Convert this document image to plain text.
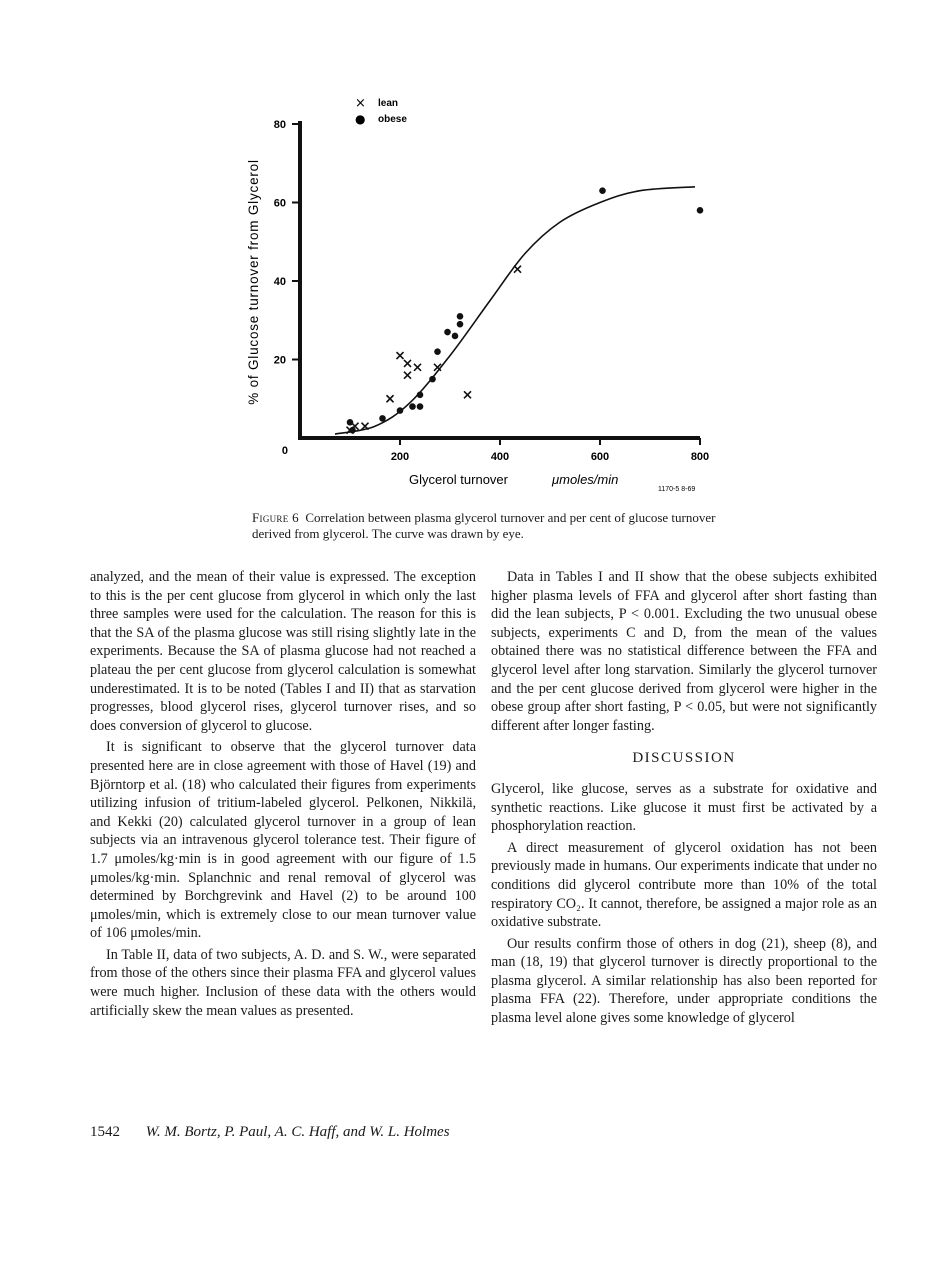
0
20
40
60
80
200	400	600	800
× lean
● obese
% of Glucose turnover from Glycerol
Glycerol turnover	μmoles/min
1170-5 8-69

Figure 6 Correlation between plasma glycerol turnover and per cent of glucose turnover derived from glycerol. The curve was drawn by eye.

analyzed, and the mean of their value is expressed. The exception to this is the per cent glucose from glycerol in which only the last three samples were used for the calculation. The reason for this is that the SA of the plasma glucose was still rising slightly late in the experiments. Because the SA of plasma glucose had not reached a plateau the per cent glucose from glycerol calculation is somewhat underestimated. It is to be noted (Tables I and II) that as starvation progresses, blood glycerol rises, glycerol turnover rises, and so does conversion of glycerol to glucose.

It is significant to observe that the glycerol turnover data presented here are in close agreement with those of Havel (19) and Björntorp et al. (18) who calculated their figures from experiments utilizing infusion of tritium-labeled glycerol. Pelkonen, Nikkilä, and Kekki (20) calculated glycerol turnover in a group of lean subjects via an intravenous glycerol tolerance test. Their figure of 1.7 μmoles/kg·min is in good agreement with our figure of 1.5 μmoles/kg·min. Splanchnic and renal removal of glycerol was determined by Borchgrevink and Havel (2) to be around 100 μmoles/min, which is extremely close to our mean turnover value of 106 μmoles/min.

In Table II, data of two subjects, A. D. and S. W., were separated from those of the others since their plasma FFA and glycerol values were much higher. Inclusion of these data with the others would artificially skew the mean values as presented.

Data in Tables I and II show that the obese subjects exhibited higher plasma levels of FFA and glycerol after short fasting than did the lean subjects, P < 0.001. Excluding the two unusual obese subjects, experiments C and D, from the mean of the values obtained there was no statistical difference between the FFA and glycerol level after long starvation. Similarly the glycerol turnover and the per cent glucose derived from glycerol were higher in the obese group after short fasting, P < 0.05, but were not significantly different after longer fasting.

DISCUSSION

Glycerol, like glucose, serves as a substrate for oxidative and synthetic reactions. Like glucose it must first be activated by a phosphorylation reaction.

A direct measurement of glycerol oxidation has not been previously made in humans. Our experiments indicate that under no conditions did glycerol contribute more than 10% of the total respiratory CO₂. It cannot, therefore, be assigned a major role as an oxidative substrate.

Our results confirm those of others in dog (21), sheep (8), and man (18, 19) that glycerol turnover is directly proportional to the plasma glycerol. A similar relationship has also been reported for plasma FFA (22). Therefore, under appropriate conditions the plasma level alone gives some knowledge of glycerol

1542 W. M. Bortz, P. Paul, A. C. Haff, and W. L. Holmes
